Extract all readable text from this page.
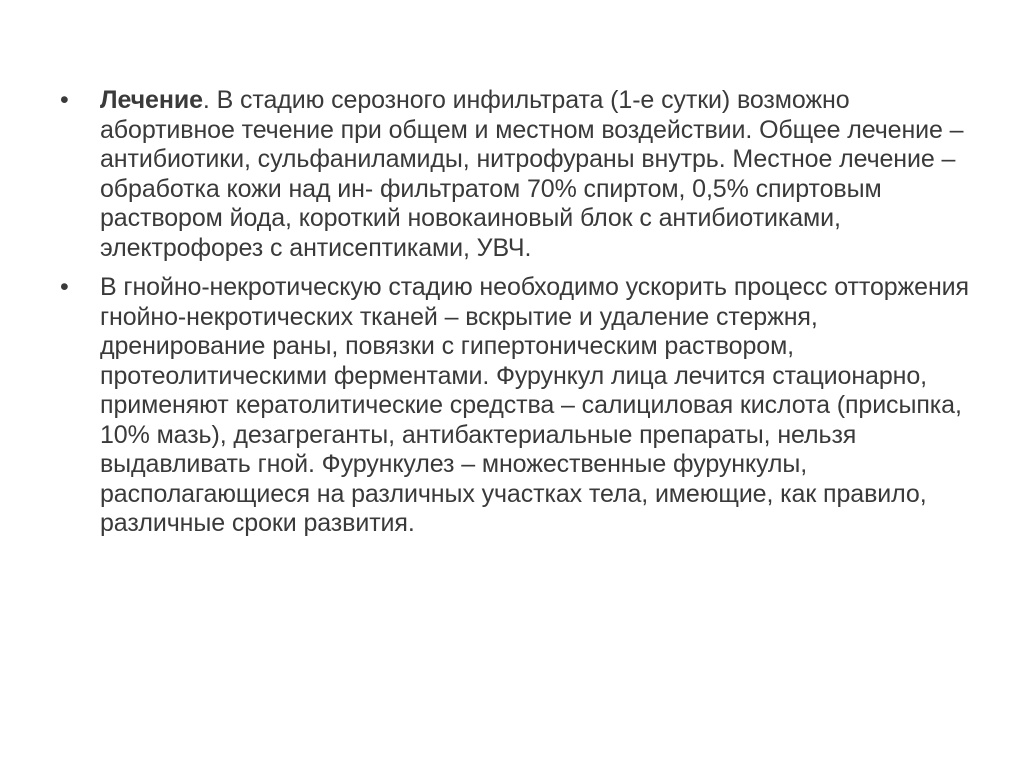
•	Лечение. В стадию серозного инфильтрата (1-е сутки) возможно абортивное течение при общем и местном воздействии. Общее лечение – антибиотики, сульфаниламиды, нитрофураны внутрь. Местное лечение – обработка кожи над ин- фильтратом 70% спиртом, 0,5% спиртовым раствором йода, короткий новокаиновый блок с антибиотиками, электрофорез с антисептиками, УВЧ.
•	В гнойно-некротическую стадию необходимо ускорить процесс отторжения гнойно-некротических тканей – вскрытие и удаление стержня, дренирование раны, повязки с гипертоническим раствором, протеолитическими ферментами. Фурункул лица лечится стационарно, применяют кератолитические средства – салициловая кислота (присыпка, 10% мазь), дезагреганты, антибактериальные препараты, нельзя выдавливать гной. Фурункулез – множественные фурункулы, располагающиеся на различных участках тела, имеющие, как правило, различные сроки развития.
